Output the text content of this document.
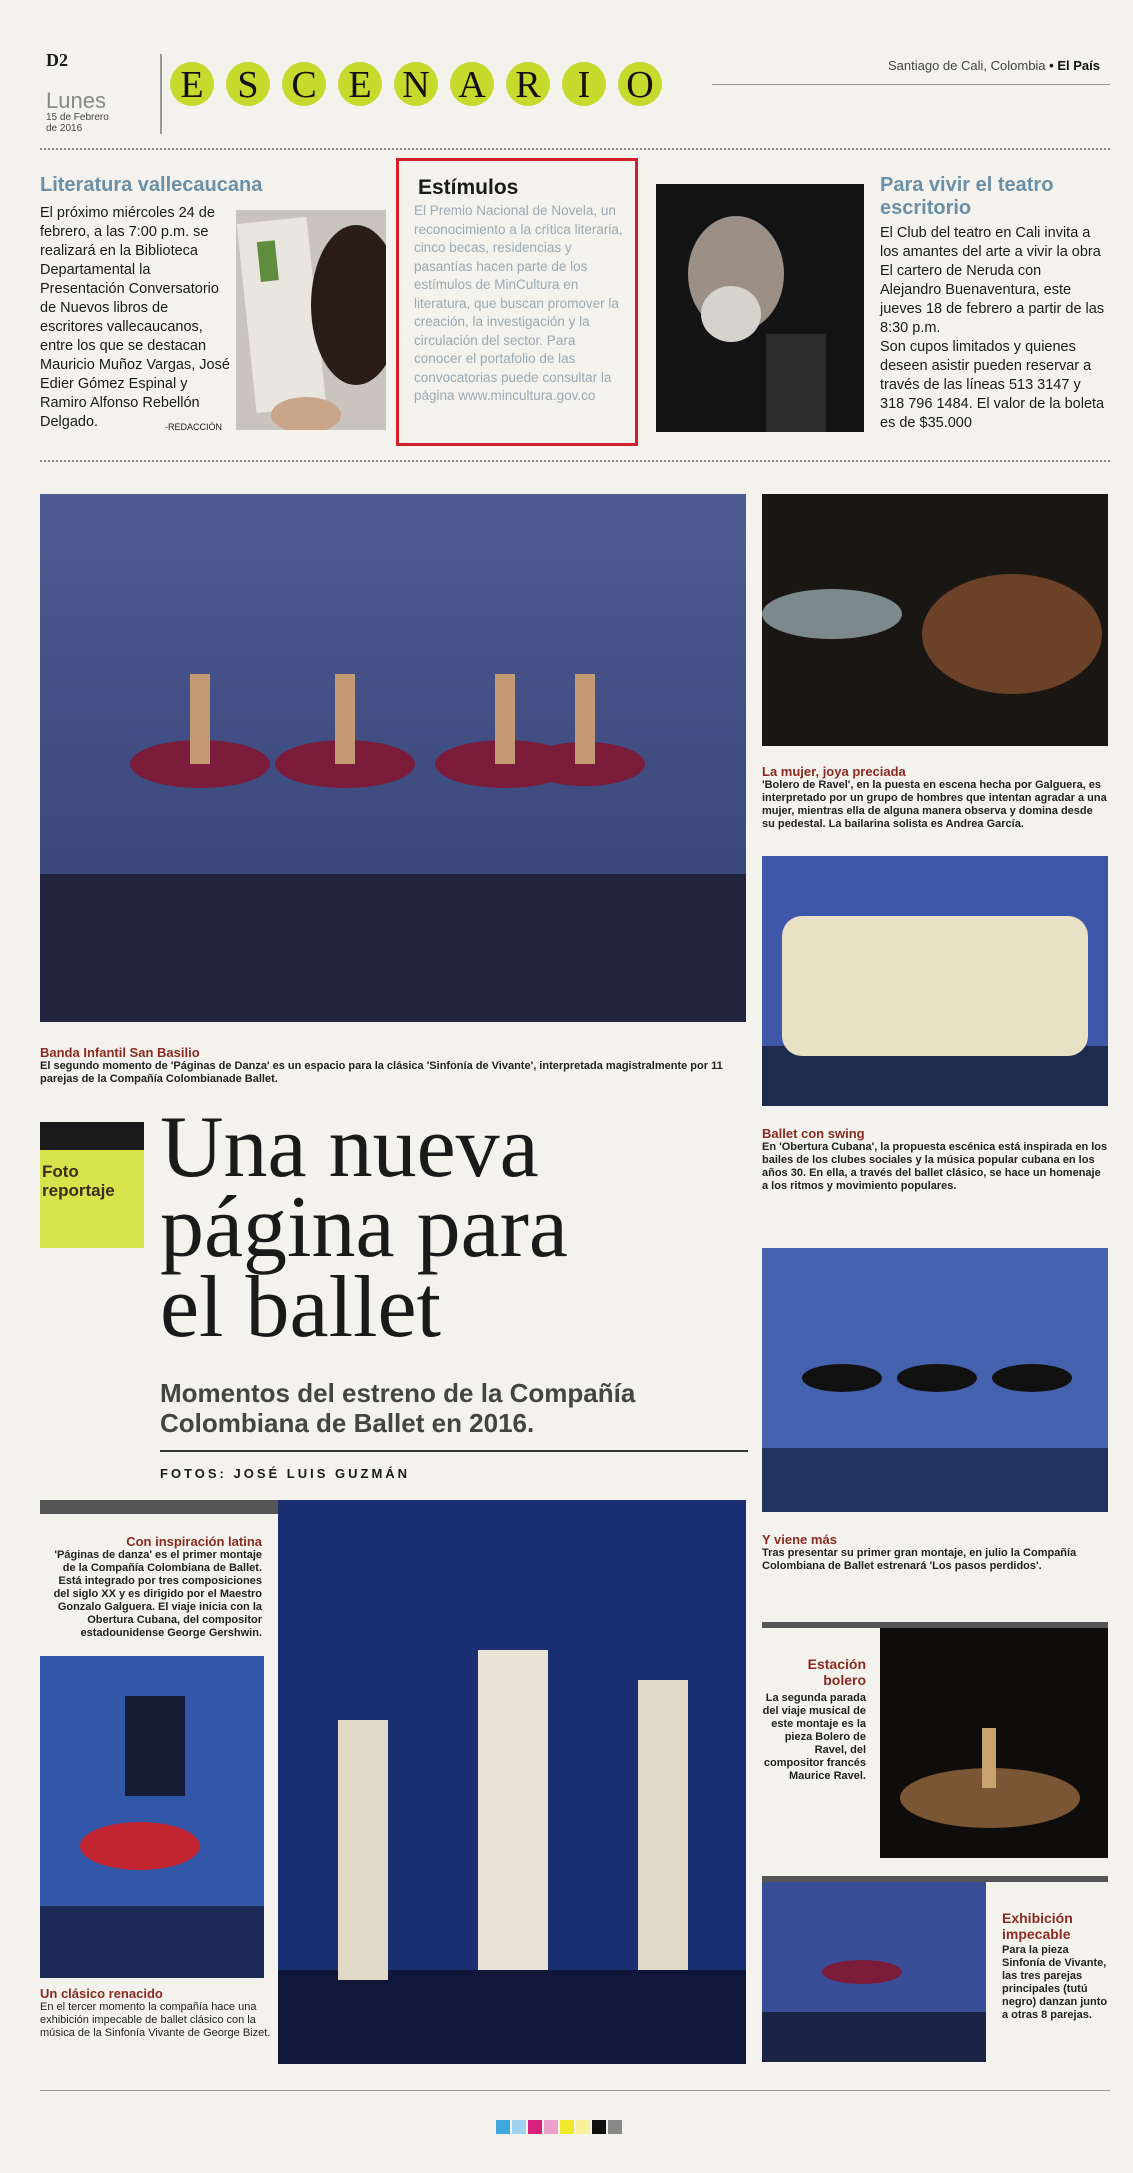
D2
E S C E N A R I O
Lunes
15 de Febrero
de 2016
Santiago de Cali, Colombia • El País
Literatura vallecaucana
El próximo miércoles 24 de febrero, a las 7:00 p.m. se realizará en la Biblioteca Departamental la Presentación Conversatorio de Nuevos libros de escritores vallecaucanos, entre los que se destacan Mauricio Muñoz Vargas, José Edier Gómez Espinal y Ramiro Alfonso Rebellón Delgado.	-REDACCIÓN
Estímulos
El Premio Nacional de Novela, un reconocimiento a la crítica literaria, cinco becas, residencias y pasantías hacen parte de los estímulos de MinCultura en literatura, que buscan promover la creación, la investigación y la circulación del sector. Para conocer el portafolio de las convocatorias puede consultar la página www.mincultura.gov.co
Para vivir el teatro escritorio
El Club del teatro en Cali invita a los amantes del arte a vivir la obra El cartero de Neruda con Alejandro Buenaventura, este jueves 18 de febrero a partir de las 8:30 p.m.
Son cupos limitados y quienes deseen asistir pueden reservar a través de las líneas 513 3147 y 318 796 1484. El valor de la boleta es de $35.000
Banda Infantil San Basilio
El segundo momento de 'Páginas de Danza' es un espacio para la clásica 'Sinfonía de Vivante', interpretada magistralmente por 11 parejas de la Compañía Colombianade Ballet.
La mujer, joya preciada
'Bolero de Ravel', en la puesta en escena hecha por Galguera, es interpretado por un grupo de hombres que intentan agradar a una mujer, mientras ella de alguna manera observa y domina desde su pedestal. La bailarina solista es Andrea García.
Ballet con swing
En 'Obertura Cubana', la propuesta escénica está inspirada en los bailes de los clubes sociales y la música popular cubana en los años 30. En ella, a través del ballet clásico, se hace un homenaje a los ritmos y movimiento populares.
Y viene más
Tras presentar su primer gran montaje, en julio la Compañía Colombiana de Ballet estrenará 'Los pasos perdidos'.
Estación bolero
La segunda parada del viaje musical de este montaje es la pieza Bolero de Ravel, del compositor francés Maurice Ravel.
Exhibición impecable
Para la pieza Sinfonía de Vivante, las tres parejas principales (tutú negro) danzan junto a otras 8 parejas.
Foto reportaje Una nueva
página para
el ballet
Momentos del estreno de la Compañía Colombiana de Ballet en 2016.
FOTOS: JOSÉ LUIS GUZMÁN
Con inspiración latina
'Páginas de danza' es el primer montaje de la Compañía Colombiana de Ballet. Está integrado por tres composiciones del siglo XX y es dirigido por el Maestro Gonzalo Galguera. El viaje inicia con la Obertura Cubana, del compositor estadounidense George Gershwin.
Un clásico renacido
En el tercer momento la compañía hace una exhibición impecable de ballet clásico con la música de la Sinfonía Vivante de George Bizet.
